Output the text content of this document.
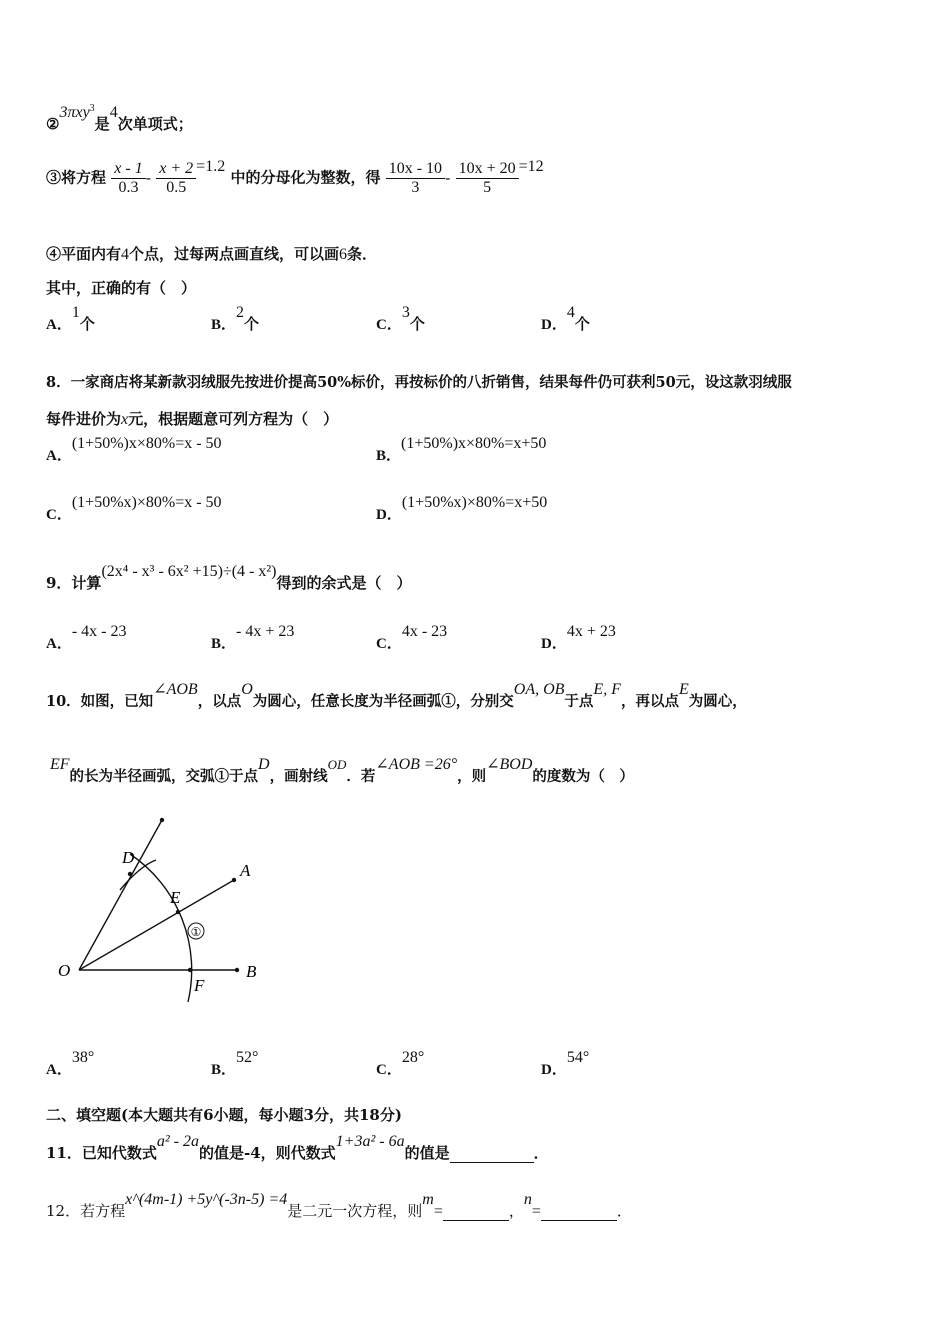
②3πxy$^3$是4次单项式；
③将方程 $\frac{x - 1}{0.3} - \frac{x + 2}{0.5} =1.2$ 中的分母化为整数，得 $\frac{10x - 10}{3} - \frac{10x + 20}{5} =12$
④平面内有4个点，过每两点画直线，可以画6条．
其中，正确的有（　）
A．1个	B．2个	C．3个	D．4个
8．一家商店将某新款羽绒服先按进价提高50%标价，再按标价的八折销售，结果每件仍可获利50元，设这款羽绒服
每件进价为x元，根据题意可列方程为（　）
A．(1+50%)x×80%=x - 50
B．(1+50%)x×80%=x+50
C．(1+50%x)×80%=x - 50
D．(1+50%x)×80%=x+50
9．计算(2x⁴ - x³ - 6x² +15)÷(4 - x²)得到的余式是（　）
A．- 4x - 23
B．- 4x + 23
C．4x - 23
D．4x + 23
10．如图，已知∠AOB，以点O为圆心，任意长度为半径画弧①，分别交OA, OB于点E, F，再以点E为圆心，
EF的长为半径画弧，交弧①于点D，画射线OD．若∠AOB =26°，则∠BOD的度数为（　）
①
O
A
B
D
E
F
A．38°
B．52°
C．28°
D．54°
二、填空题(本大题共有6小题，每小题3分，共18分)
11．已知代数式a² - 2a的值是-4，则代数式1+3a² - 6a的值是	．
12．若方程x^(4m-1) +5y^(-3n-5) =4是二元一次方程，则m=	，n=	．
